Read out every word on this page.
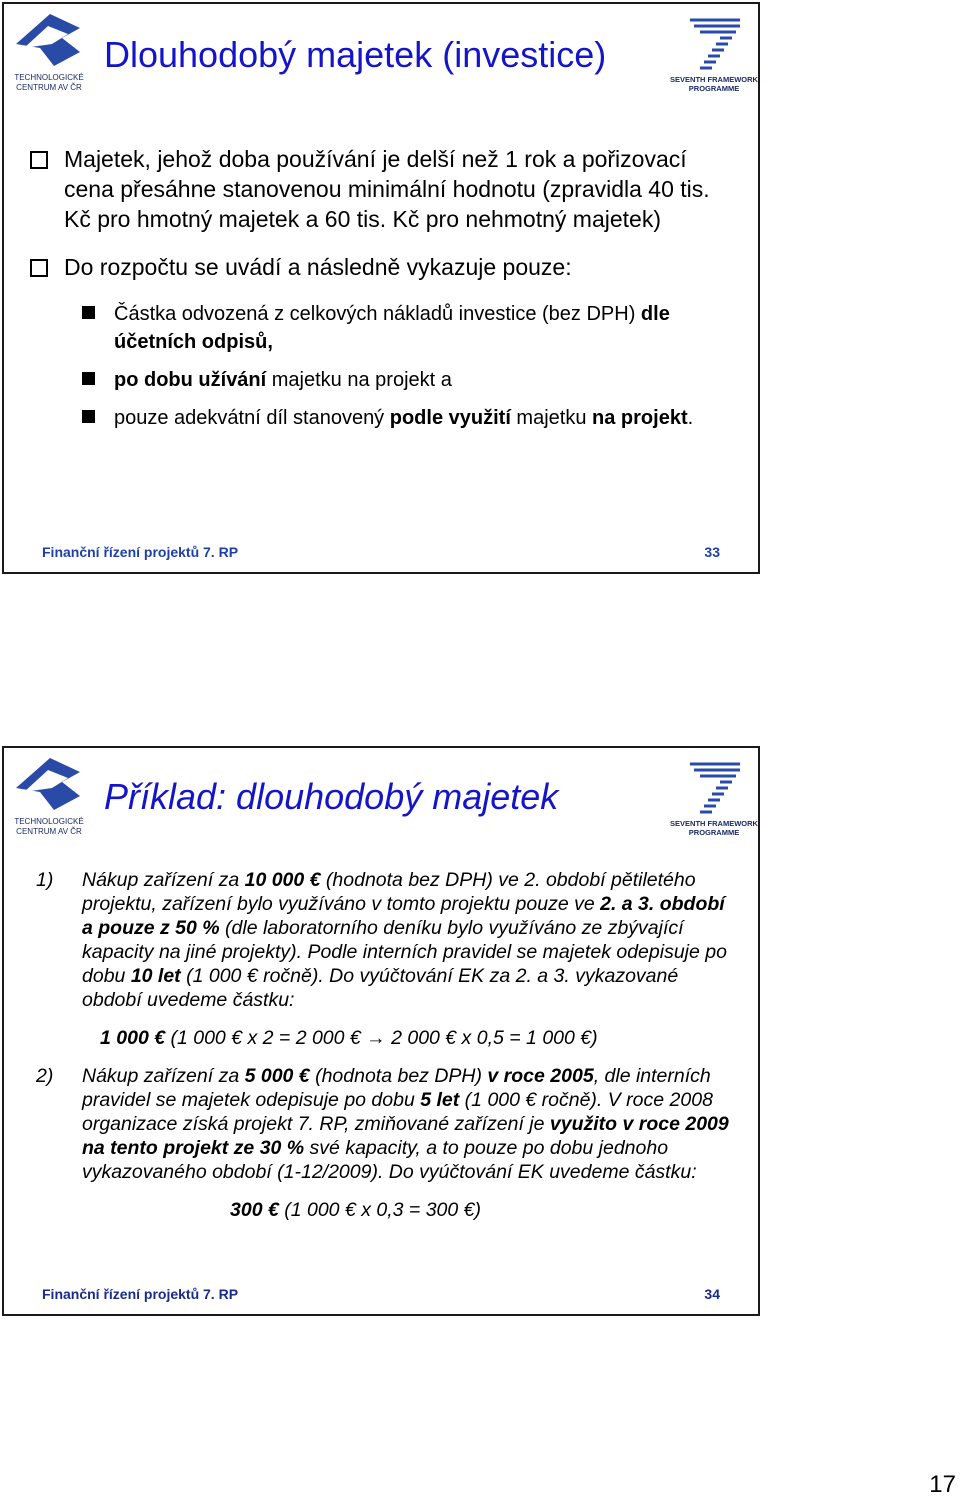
TECHNOLOGICKÉ
CENTRUM AV ČR
Dlouhodobý majetek (investice)
SEVENTH FRAMEWORK
PROGRAMME
Majetek, jehož doba používání je delší než 1 rok a pořizovací cena přesáhne stanovenou minimální hodnotu (zpravidla 40 tis. Kč pro hmotný majetek a 60 tis. Kč pro nehmotný majetek)
Do rozpočtu se uvádí a následně vykazuje pouze:
Částka odvozená z celkových nákladů investice (bez DPH) dle účetních odpisů,
po dobu užívání majetku na projekt a
pouze adekvátní díl stanovený podle využití majetku na projekt.
Finanční řízení projektů 7. RP	33
TECHNOLOGICKÉ
CENTRUM AV ČR
Příklad: dlouhodobý majetek
SEVENTH FRAMEWORK
PROGRAMME
1) Nákup zařízení za 10 000 € (hodnota bez DPH) ve 2. období pětiletého projektu, zařízení bylo využíváno v tomto projektu pouze ve 2. a 3. období a pouze z 50 % (dle laboratorního deníku bylo využíváno ze zbývající kapacity na jiné projekty). Podle interních pravidel se majetek odepisuje po dobu 10 let (1 000 € ročně). Do vyúčtování EK za 2. a 3. vykazované období uvedeme částku:
1 000 € (1 000 € x 2 = 2 000 € → 2 000 € x 0,5 = 1 000 €)
2) Nákup zařízení za 5 000 € (hodnota bez DPH) v roce 2005, dle interních pravidel se majetek odepisuje po dobu 5 let (1 000 € ročně). V roce 2008 organizace získá projekt 7. RP, zmiňované zařízení je využito v roce 2009 na tento projekt ze 30 % své kapacity, a to pouze po dobu jednoho vykazovaného období (1-12/2009). Do vyúčtování EK uvedeme částku:
300 € (1 000 € x 0,3 = 300 €)
Finanční řízení projektů 7. RP	34
17
